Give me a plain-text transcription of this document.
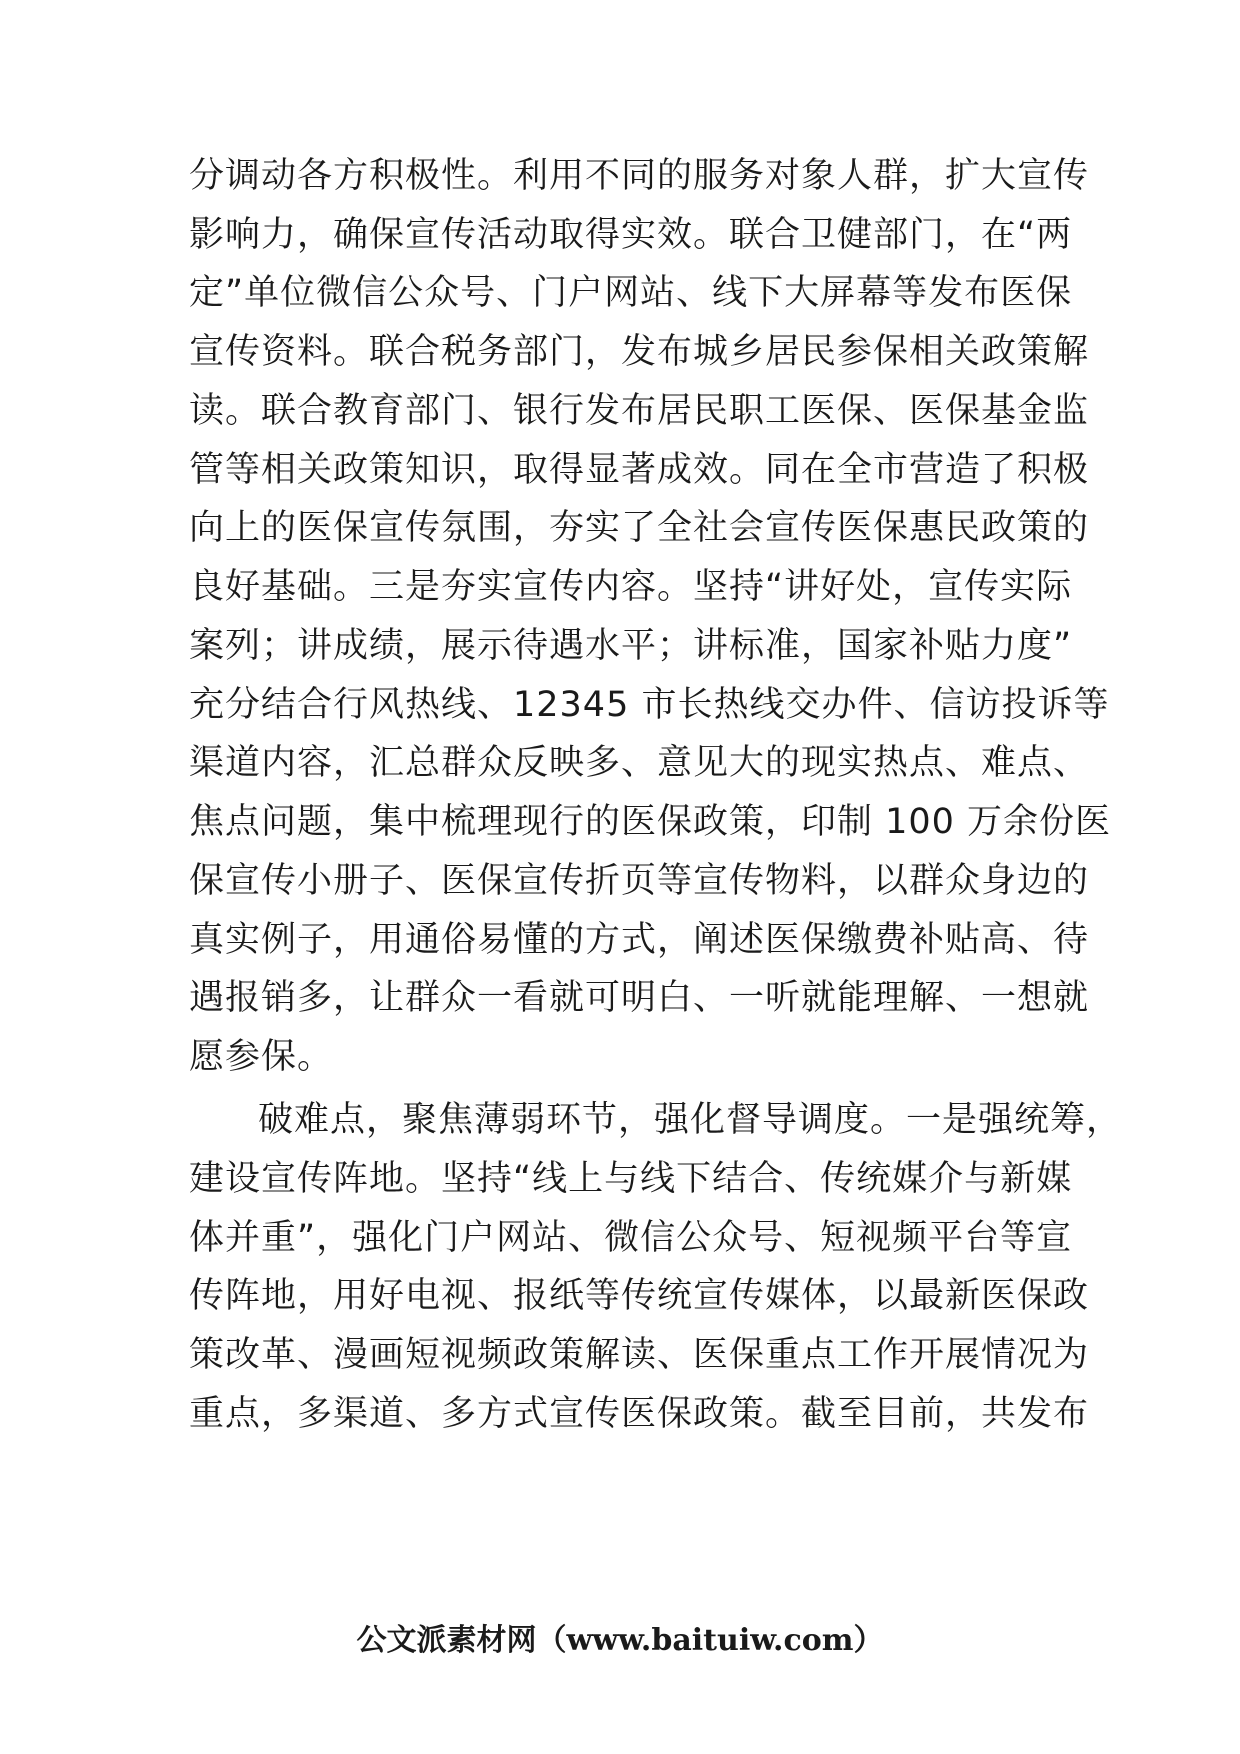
分调动各方积极性。利用不同的服务对象人群，扩大宣传
影响力，确保宣传活动取得实效。联合卫健部门，在“两
定”单位微信公众号、门户网站、线下大屏幕等发布医保
宣传资料。联合税务部门，发布城乡居民参保相关政策解
读。联合教育部门、银行发布居民职工医保、医保基金监
管等相关政策知识，取得显著成效。同在全市营造了积极
向上的医保宣传氛围，夯实了全社会宣传医保惠民政策的
良好基础。三是夯实宣传内容。坚持“讲好处，宣传实际
案列；讲成绩，展示待遇水平；讲标准，国家补贴力度”
充分结合行风热线、12345 市长热线交办件、信访投诉等
渠道内容，汇总群众反映多、意见大的现实热点、难点、
焦点问题，集中梳理现行的医保政策，印制 100 万余份医
保宣传小册子、医保宣传折页等宣传物料，以群众身边的
真实例子，用通俗易懂的方式，阐述医保缴费补贴高、待
遇报销多，让群众一看就可明白、一听就能理解、一想就
愿参保。
破难点，聚焦薄弱环节，强化督导调度。一是强统筹，
建设宣传阵地。坚持“线上与线下结合、传统媒介与新媒
体并重”，强化门户网站、微信公众号、短视频平台等宣
传阵地，用好电视、报纸等传统宣传媒体，以最新医保政
策改革、漫画短视频政策解读、医保重点工作开展情况为
重点，多渠道、多方式宣传医保政策。截至目前，共发布
公文派素材网（www.baituiw.com）
